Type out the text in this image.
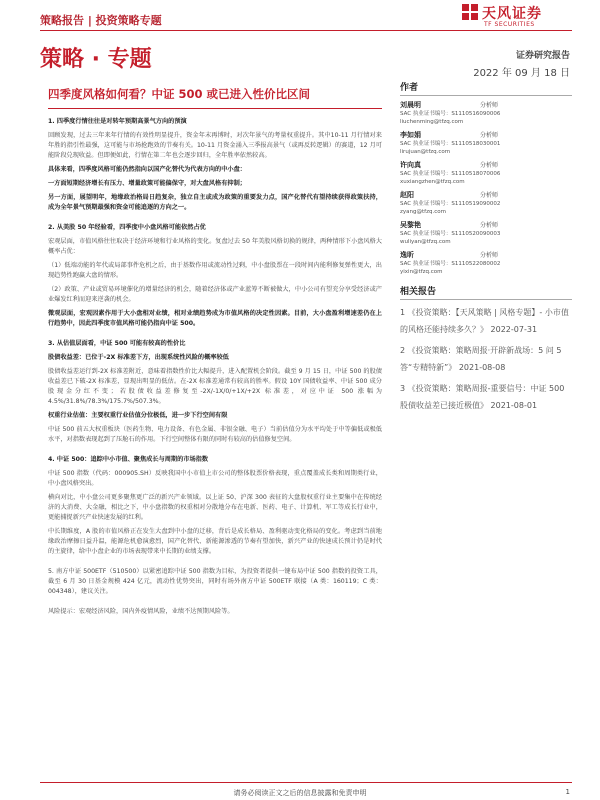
策略报告 | 投资策略专题	天风证券
TF SECURITIES
策略 · 专题	证券研究报告
2022 年 09 月 18 日
四季度风格如何看？中证 500 或已进入性价比区间

1. 四季度行情往往是对转年预期高景气方向的预演

回顾发现，过去三年来年行情的有效性明显提升，资金年末再博时，对次年景气的考量权重提升。其中10-11 月行情对来年胜的指引性最强，这可能与市场抢跑效的节奏有关。10-11 月资金涌入三季报高景气（或再反转逻辑）的赛道，12 月可能阶段兑现收益。但即便如此，行情在第二年也会逐步回归，全年胜率依然较高。

具体来看，四季度风格可能仍然指向以国产化替代为代表方向的中小盘：

一方面短期经济增长有压力、增量政策可能偏保守，对大盘风格有抑制；

另一方面，展望明年，地缘政治格局日趋复杂，独立自主或成为政策的重要发力点，国产化替代有望持续获得政策扶持，成为全年景气预期最强和资金可能追逐的方向之一。

2. 从美股 50 年经验看，四季度中小盘风格可能依然占优

宏观层面，市值风格往往取决于经济环境和行业风格的变化。复盘过去 50 年美股风格切换的规律，两种情形下小盘风格大概率占优：

（1）低端动能的年代或局部事件危机之后，由于基数作用或流动性过剩，中小盘股票在一段时间内能利修复弹性更大，出现趋势性跑赢大盘的情形。

（2）政策、产业或贸易环境催化的增量经济的机会，随着经济体或产业蓝筹不断被做大，中小公司有望充分享受经济或产业爆发红利而迎来逆袭的机会。

微观层面，宏观因素作用于大小盘相对业绩，相对业绩趋势成为市值风格的决定性因素。目前，大小盘盈利增速差仍在上行趋势中，因此四季度市值风格可能仍指向中证 500。

3. 从估值层面看，中证 500 可能有较高的性价比

股债收益差：已位于-2X 标准差下方，出现系统性风险的概率较低

股债收益差运行到-2X 标准差附近，意味着指数性价比大幅提升，进入配置机会阶段。截至 9 月 15 日，中证 500 的股债收益差已下破-2X 标准差，显现出明显的低估。在-2X 标准差通常有较高的胜率。假设 10Y 国债收益率、中证 500 成分股现金分红不变；若股债收益差修复至-2X/-1X/0/+1X/+2X 标准差，对应中证 500 涨幅为 4.5%/31.8%/78.3%/175.7%/507.3%。

权重行业估值：主要权重行业估值分位极低，进一步下行空间有限

中证 500 前五大权重板块（医药生物、电力设备、有色金属、非银金融、电子）当前估值分为水平均处于中等偏低或极低水平，对指数表现起到了压舱石的作用。下行空间整体有限的同时有较高的估值修复空间。

4. 中证 500：追踪中小市值、聚焦成长与周期的市场指数

中证 500 指数（代码：000905.SH）反映我国中小市值上市公司的整体股票价格表现，重点覆盖成长类和周期类行业，中小盘风格突出。

横向对比，中小盘公司更多聚焦更广泛的新兴产业领域。以上证 50、沪深 300 表征的大盘股权重行业主要集中在传统经济的大消费、大金融，相比之下，中小盘指数的权重相对分散地分布在电新、医药、电子、计算机、军工等成长行业中，更能捕捉新兴产业快速发展的红利。

中长期维度，A 股的市值风格正在发生大盘到中小盘的迁移，背后是成长格局、盈利驱动变化格局的变化。考虑到当前地缘政治摩擦日益升温，能源危机愈演愈烈，国产化替代、新能源渗透的节奏有望加快，新兴产业的快速成长预计仍是时代的主旋律，给中小盘企业的市场表现带来中长期的业绩支撑。

5. 南方中证 500ETF（510500）以紧密追踪中证 500 指数为目标，为投资者提供一键布局中证 500 指数的投资工具，截至 6 月 30 日基金规模 424 亿元，流动性优势突出，同时有场外南方中证 500ETF 联接（A 类：160119；C 类：004348），建议关注。

风险提示：宏观经济风险，国内外疫情风险，业绩不达预期风险等。

作者
刘晨明	分析师
SAC 执业证书编号：S1110516090006
liuchenming@tfzq.com
李如娟	分析师
SAC 执业证书编号：S1110518030001
lirujuan@tfzq.com
许向真	分析师
SAC 执业证书编号：S1110518070006
xuxiangzhen@tfzq.com
赵阳	分析师
SAC 执业证书编号：S1110519090002
zyang@tfzq.com
吴黎艳	分析师
SAC 执业证书编号：S1110520090003
wuliyan@tfzq.com
逸昕	分析师
SAC 执业证书编号：S1110522080002
yixin@tfzq.com
相关报告
1 《投资策略：【天风策略 | 风格专题】- 小市值的风格还能持续多久？》 2022-07-31
2 《投资策略：策略周报·开辟新战场：5 问 5 答“专精特新”》 2021-08-08
3 《投资策略：策略周报-重要信号：中证 500 股债收益差已接近极值》 2021-08-01
请务必阅读正文之后的信息披露和免责申明	1
